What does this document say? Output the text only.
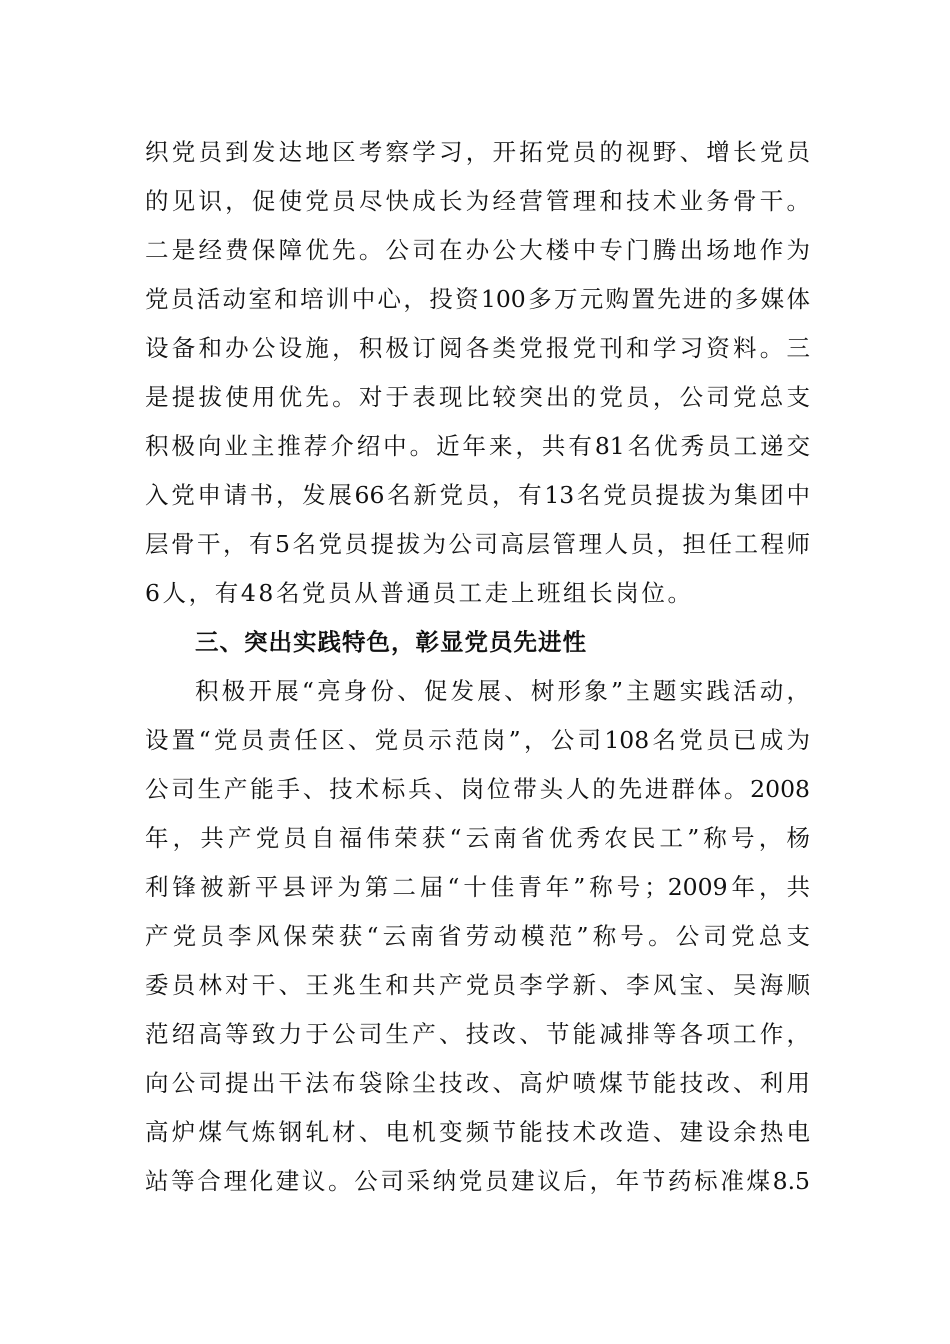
织党员到发达地区考察学习，开拓党员的视野、增长党员
的见识，促使党员尽快成长为经营管理和技术业务骨干。
二是经费保障优先。公司在办公大楼中专门腾出场地作为
党员活动室和培训中心，投资100多万元购置先进的多媒体
设备和办公设施，积极订阅各类党报党刊和学习资料。三
是提拔使用优先。对于表现比较突出的党员，公司党总支
积极向业主推荐介绍中。近年来，共有81名优秀员工递交
入党申请书，发展66名新党员，有13名党员提拔为集团中
层骨干，有5名党员提拔为公司高层管理人员，担任工程师
6人，有48名党员从普通员工走上班组长岗位。
三、突出实践特色，彰显党员先进性
积极开展“亮身份、促发展、树形象”主题实践活动，
设置“党员责任区、党员示范岗”，公司108名党员已成为
公司生产能手、技术标兵、岗位带头人的先进群体。2008
年，共产党员自福伟荣获“云南省优秀农民工”称号，杨
利锋被新平县评为第二届“十佳青年”称号；2009年，共
产党员李风保荣获“云南省劳动模范”称号。公司党总支
委员林对干、王兆生和共产党员李学新、李风宝、吴海顺
范绍高等致力于公司生产、技改、节能减排等各项工作，
向公司提出干法布袋除尘技改、高炉喷煤节能技改、利用
高炉煤气炼钢轧材、电机变频节能技术改造、建设余热电
站等合理化建议。公司采纳党员建议后，年节药标准煤8.5
